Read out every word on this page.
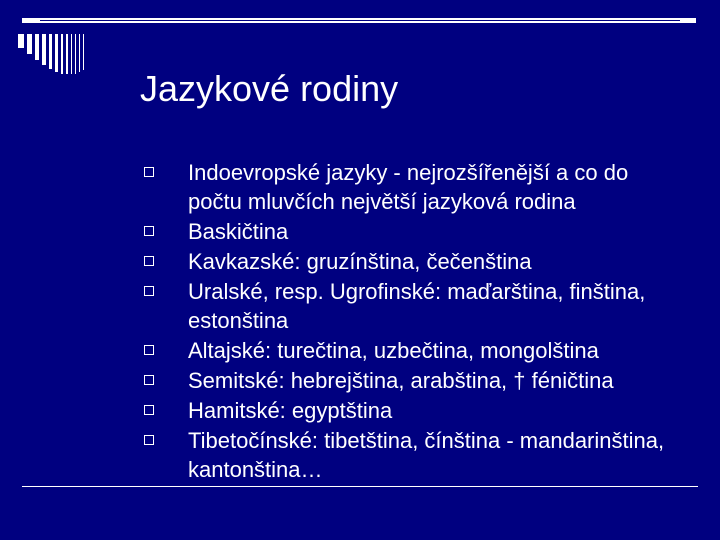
Jazykové rodiny
Indoevropské jazyky - nejrozšířenější a co do počtu mluvčích největší jazyková rodina
Baskičtina
Kavkazské: gruzínština, čečenština
Uralské, resp. Ugrofinské: maďarština, finština, estonština
Altajské: turečtina, uzbečtina, mongolština
Semitské: hebrejština, arabština, † féničtina
Hamitské: egyptština
Tibetočínské: tibetština, čínština - mandarinština, kantonština…
